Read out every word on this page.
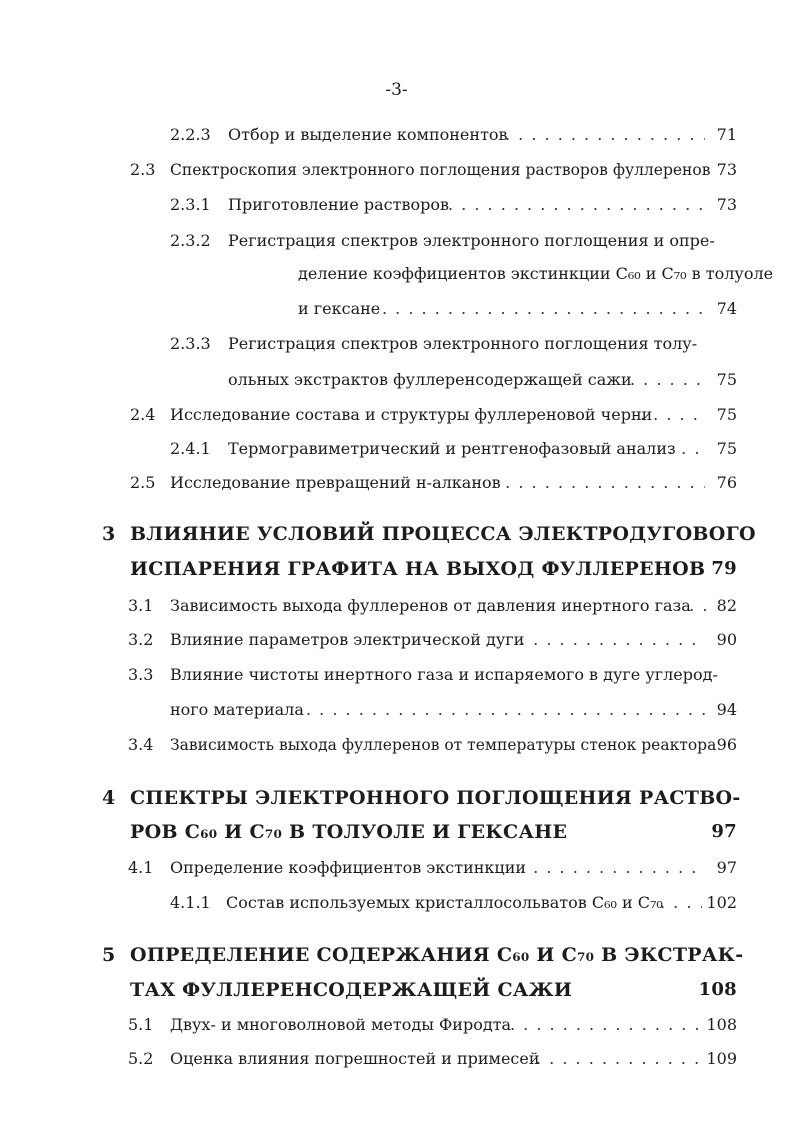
-3-
2.2.3 Отбор и выделение компонентов . . .	71
2.3 Спектроскопия электронного поглощения растворов фуллеренов 73
2.3.1 Приготовление растворов . . .	73
2.3.2 Регистрация спектров электронного поглощения и опре-
деление коэффициентов экстинкции C₆₀ и C₇₀ в толуоле
и гексане . . .	74
2.3.3 Регистрация спектров электронного поглощения толу-
ольных экстрактов фуллеренсодержащей сажи . . .	75
2.4 Исследование состава и структуры фуллереновой черни . . .	75
2.4.1 Термогравиметрический и рентгенофазовый анализ . . .	75
2.5 Исследование превращений н-алканов . . .	76
3 ВЛИЯНИЕ УСЛОВИЙ ПРОЦЕССА ЭЛЕКТРОДУГОВОГО
ИСПАРЕНИЯ ГРАФИТА НА ВЫХОД ФУЛЛЕРЕНОВ 79
3.1 Зависимость выхода фуллеренов от давления инертного газа . . . 82
3.2 Влияние параметров электрической дуги . . .	90
3.3 Влияние чистоты инертного газа и испаряемого в дуге углерод-
ного материала . . .	94
3.4 Зависимость выхода фуллеренов от температуры стенок реактора 96
4 СПЕКТРЫ ЭЛЕКТРОННОГО ПОГЛОЩЕНИЯ РАСТВО-
РОВ C₆₀ И C₇₀ В ТОЛУОЛЕ И ГЕКСАНЕ	97
4.1 Определение коэффициентов экстинкции . . .	97
4.1.1 Состав используемых кристаллосольватов C₆₀ и C₇₀ . . .	102
5 ОПРЕДЕЛЕНИЕ СОДЕРЖАНИЯ C₆₀ И C₇₀ В ЭКСТРАК-
ТАХ ФУЛЛЕРЕНСОДЕРЖАЩЕЙ САЖИ	108
5.1 Двух- и многоволновой методы Фиродта . . .	108
5.2 Оценка влияния погрешностей и примесей . . .	109
